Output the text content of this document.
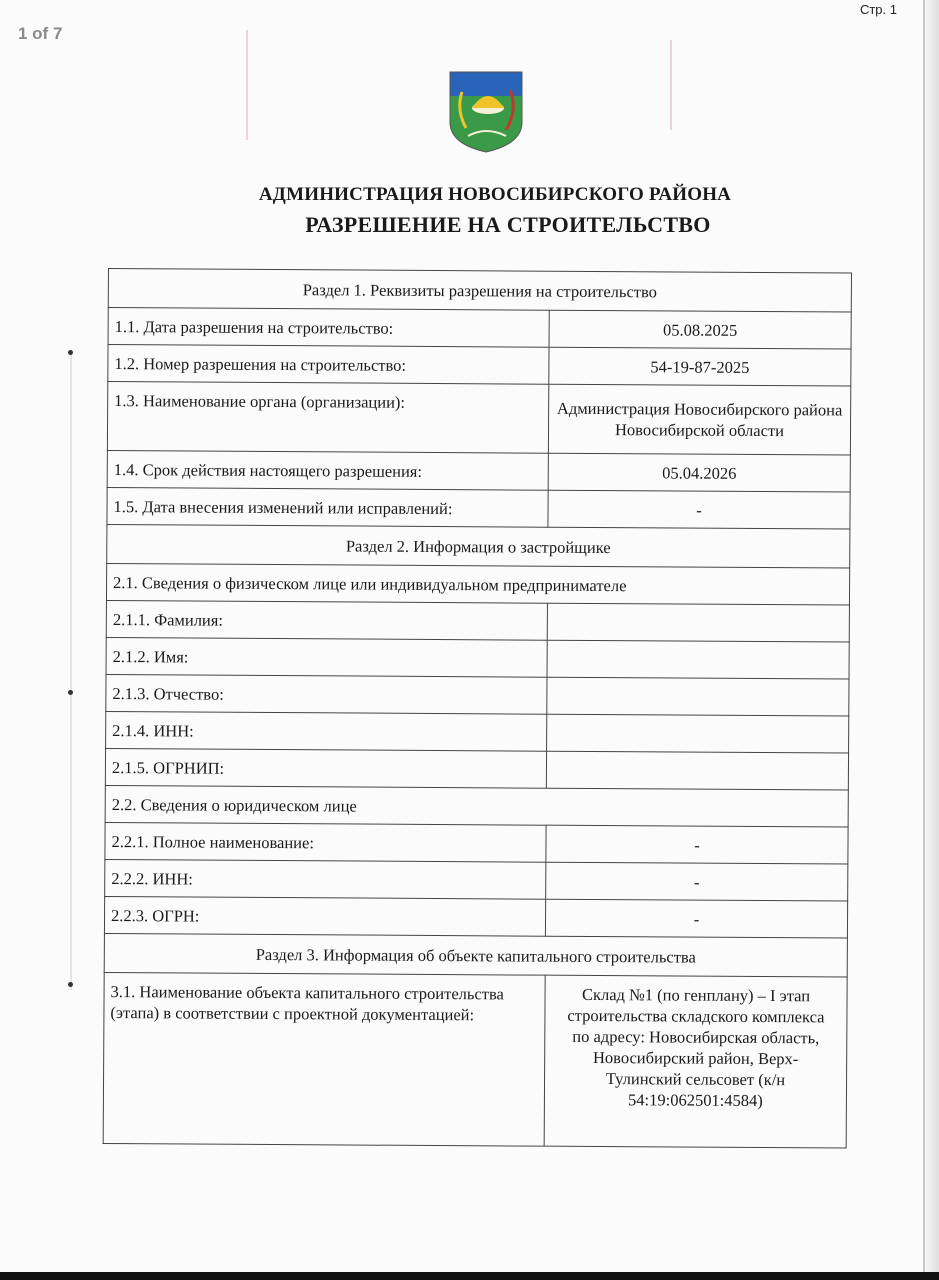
1 of 7
Стр. 1
АДМИНИСТРАЦИЯ НОВОСИБИРСКОГО РАЙОНА
РАЗРЕШЕНИЕ НА СТРОИТЕЛЬСТВО
Раздел 1. Реквизиты разрешения на строительство	
1.1. Дата разрешения на строительство:	05.08.2025
1.2. Номер разрешения на строительство:	54-19-87-2025
1.3. Наименование органа (организации):	Администрация Новосибирского района Новосибирской области
1.4. Срок действия настоящего разрешения:	05.04.2026
1.5. Дата внесения изменений или исправлений:	-
Раздел 2. Информация о застройщике	
2.1. Сведения о физическом лице или индивидуальном предпринимателе	
2.1.1. Фамилия:	
2.1.2. Имя:	
2.1.3. Отчество:	
2.1.4. ИНН:	
2.1.5. ОГРНИП:	
2.2. Сведения о юридическом лице	
2.2.1. Полное наименование:	-
2.2.2. ИНН:	-
2.2.3. ОГРН:	-
Раздел 3. Информация об объекте капитального строительства	
3.1. Наименование объекта капитального строительства (этапа) в соответствии с проектной документацией:	Склад №1 (по генплану) – I этап строительства складского комплекса по адресу: Новосибирская область, Новосибирский район, Верх-Тулинский сельсовет (к/н 54:19:062501:4584)
